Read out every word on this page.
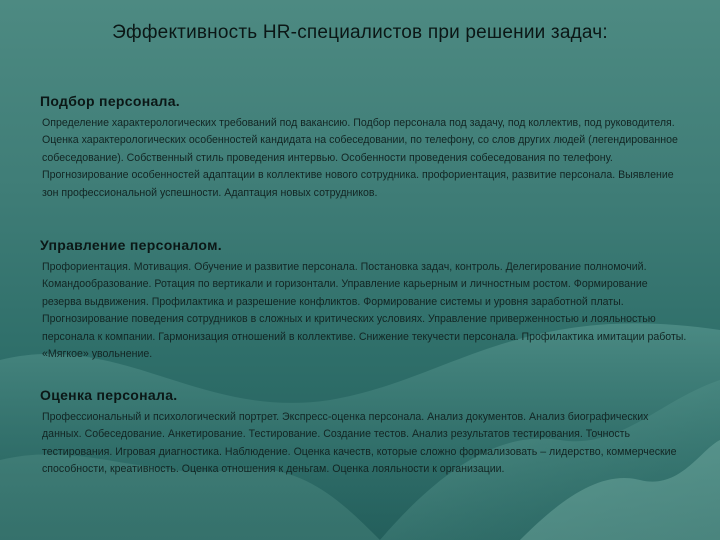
Эффективность HR-специалистов при решении задач:

Подбор персонала.

Определение характерологических требований под вакансию. Подбор персонала под задачу, под коллектив, под руководителя. Оценка характерологических особенностей кандидата на собеседовании, по телефону, со слов других людей (легендированное собеседование). Собственный стиль проведения интервью. Особенности проведения собеседования по телефону. Прогнозирование особенностей адаптации в коллективе нового сотрудника. профориентация, развитие персонала. Выявление зон профессиональной успешности. Адаптация новых сотрудников.

Управление персоналом.

Профориентация. Мотивация. Обучение и развитие персонала. Постановка задач, контроль. Делегирование полномочий. Командообразование. Ротация по вертикали и горизонтали. Управление карьерным и личностным ростом. Формирование резерва выдвижения. Профилактика и разрешение конфликтов. Формирование системы и уровня заработной платы. Прогнозирование поведения сотрудников в сложных и критических условиях. Управление приверженностью и лояльностью персонала к компании. Гармонизация отношений в коллективе. Снижение текучести персонала. Профилактика имитации работы. «Мягкое» увольнение.

Оценка персонала.

Профессиональный и психологический портрет. Экспресс-оценка персонала. Анализ документов. Анализ биографических данных. Собеседование. Анкетирование. Тестирование. Создание тестов. Анализ результатов тестирования. Точность тестирования. Игровая диагностика. Наблюдение. Оценка качеств, которые сложно формализовать – лидерство, коммерческие способности, креативность. Оценка отношения к деньгам. Оценка лояльности к организации.
